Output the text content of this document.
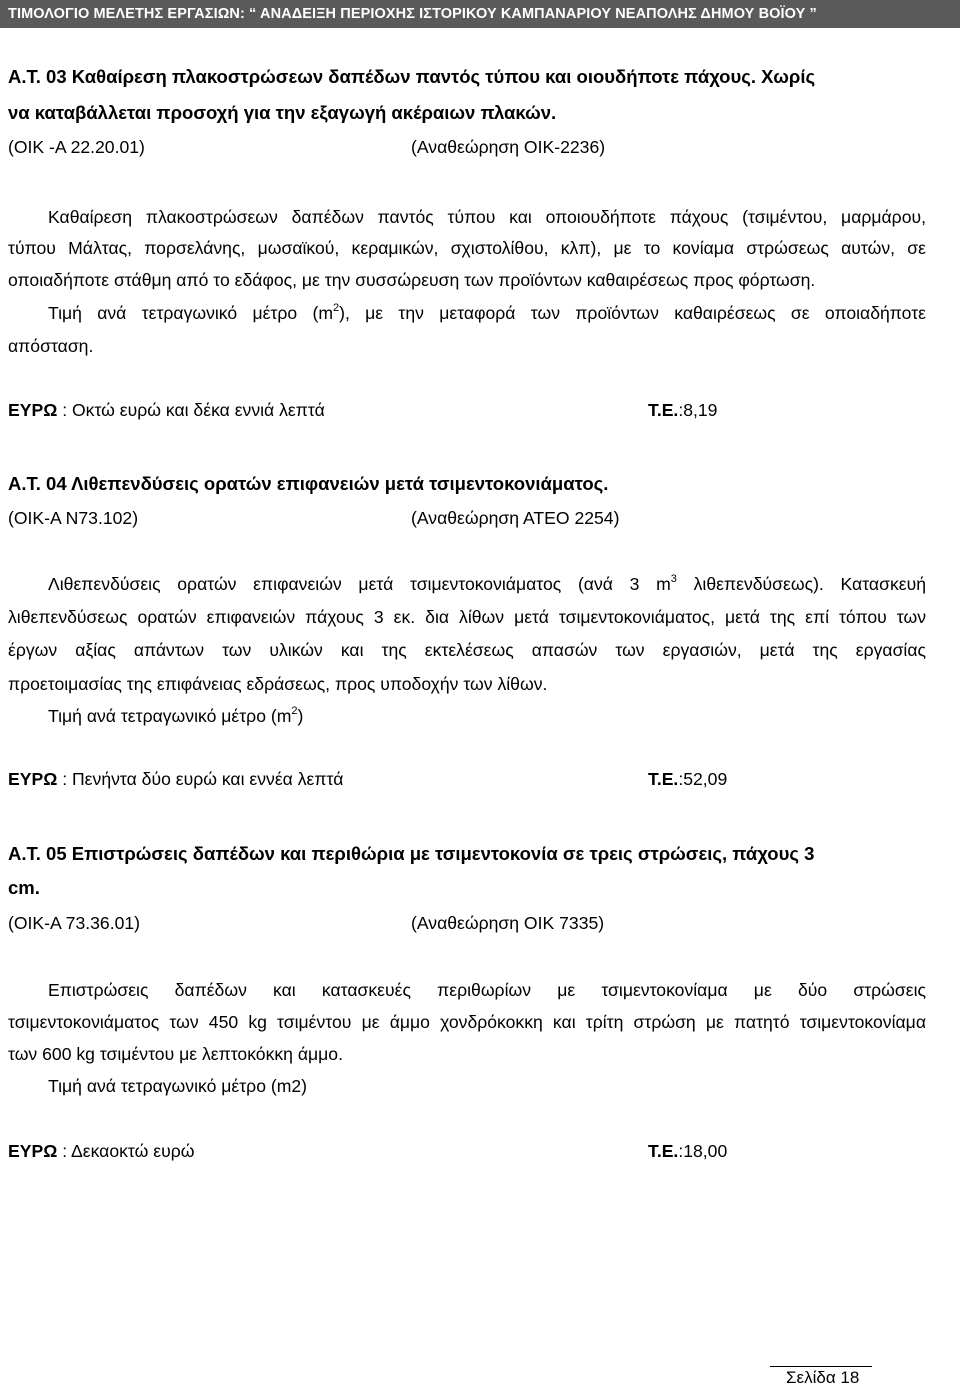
ΤΙΜΟΛΟΓΙΟ ΜΕΛΕΤΗΣ ΕΡΓΑΣΙΩΝ: “ ΑΝΑΔΕΙΞΗ ΠΕΡΙΟΧΗΣ ΙΣΤΟΡΙΚΟΥ ΚΑΜΠΑΝΑΡΙΟΥ ΝΕΑΠΟΛΗΣ ΔΗΜΟΥ ΒΟΪΟΥ ”
Α.Τ. 03 Καθαίρεση πλακοστρώσεων δαπέδων παντός τύπου και οιουδήποτε πάχους. Χωρίς
να καταβάλλεται προσοχή για την εξαγωγή ακέραιων πλακών.
(ΟΙΚ -Α 22.20.01)	(Αναθεώρηση ΟΙΚ-2236)
Καθαίρεση πλακοστρώσεων δαπέδων παντός τύπου και οποιουδήποτε πάχους (τσιμέντου, μαρμάρου,
τύπου Μάλτας, πορσελάνης, μωσαϊκού, κεραμικών, σχιστολίθου, κλπ), με το κονίαμα στρώσεως αυτών, σε
οποιαδήποτε στάθμη από το εδάφος, με την συσσώρευση των προϊόντων καθαιρέσεως προς φόρτωση.
Τιμή ανά τετραγωνικό μέτρο $(m^2)$, με την μεταφορά των προϊόντων καθαιρέσεως σε οποιαδήποτε
απόσταση.
ΕΥΡΩ : Οκτώ ευρώ και δέκα εννιά λεπτά	Τ.Ε.:8,19
Α.Τ. 04 Λιθεπενδύσεις ορατών επιφανειών μετά τσιμεντοκονιάματος.
(ΟΙΚ-Α Ν73.102)	(Αναθεώρηση ΑΤΕΟ 2254)
Λιθεπενδύσεις ορατών επιφανειών μετά τσιμεντοκονιάματος (ανά 3 $m^3$ λιθεπενδύσεως). Κατασκευή
λιθεπενδύσεως ορατών επιφανειών πάχους 3 εκ. δια λίθων μετά τσιμεντοκονιάματος, μετά της επί τόπου των
έργων αξίας απάντων των υλικών και της εκτελέσεως απασών των εργασιών, μετά της εργασίας
προετοιμασίας της επιφάνειας εδράσεως, προς υποδοχήν των λίθων.
Τιμή ανά τετραγωνικό μέτρο $(m^2)$
ΕΥΡΩ : Πενήντα δύο ευρώ και εννέα λεπτά	Τ.Ε.:52,09
Α.Τ. 05 Επιστρώσεις δαπέδων και περιθώρια με τσιμεντοκονία σε τρεις στρώσεις, πάχους 3
cm.
(ΟΙΚ-Α 73.36.01)	(Αναθεώρηση ΟΙΚ 7335)
Επιστρώσεις δαπέδων και κατασκευές περιθωρίων με τσιμεντοκονίαμα με δύο στρώσεις
τσιμεντοκονιάματος των 450 kg τσιμέντου με άμμο χονδρόκοκκη και τρίτη στρώση με πατητό τσιμεντοκονίαμα
των 600 kg τσιμέντου με λεπτοκόκκη άμμο.
Τιμή ανά τετραγωνικό μέτρο (m2)
ΕΥΡΩ : Δεκαοκτώ ευρώ	Τ.Ε.:18,00
Σελίδα 18
